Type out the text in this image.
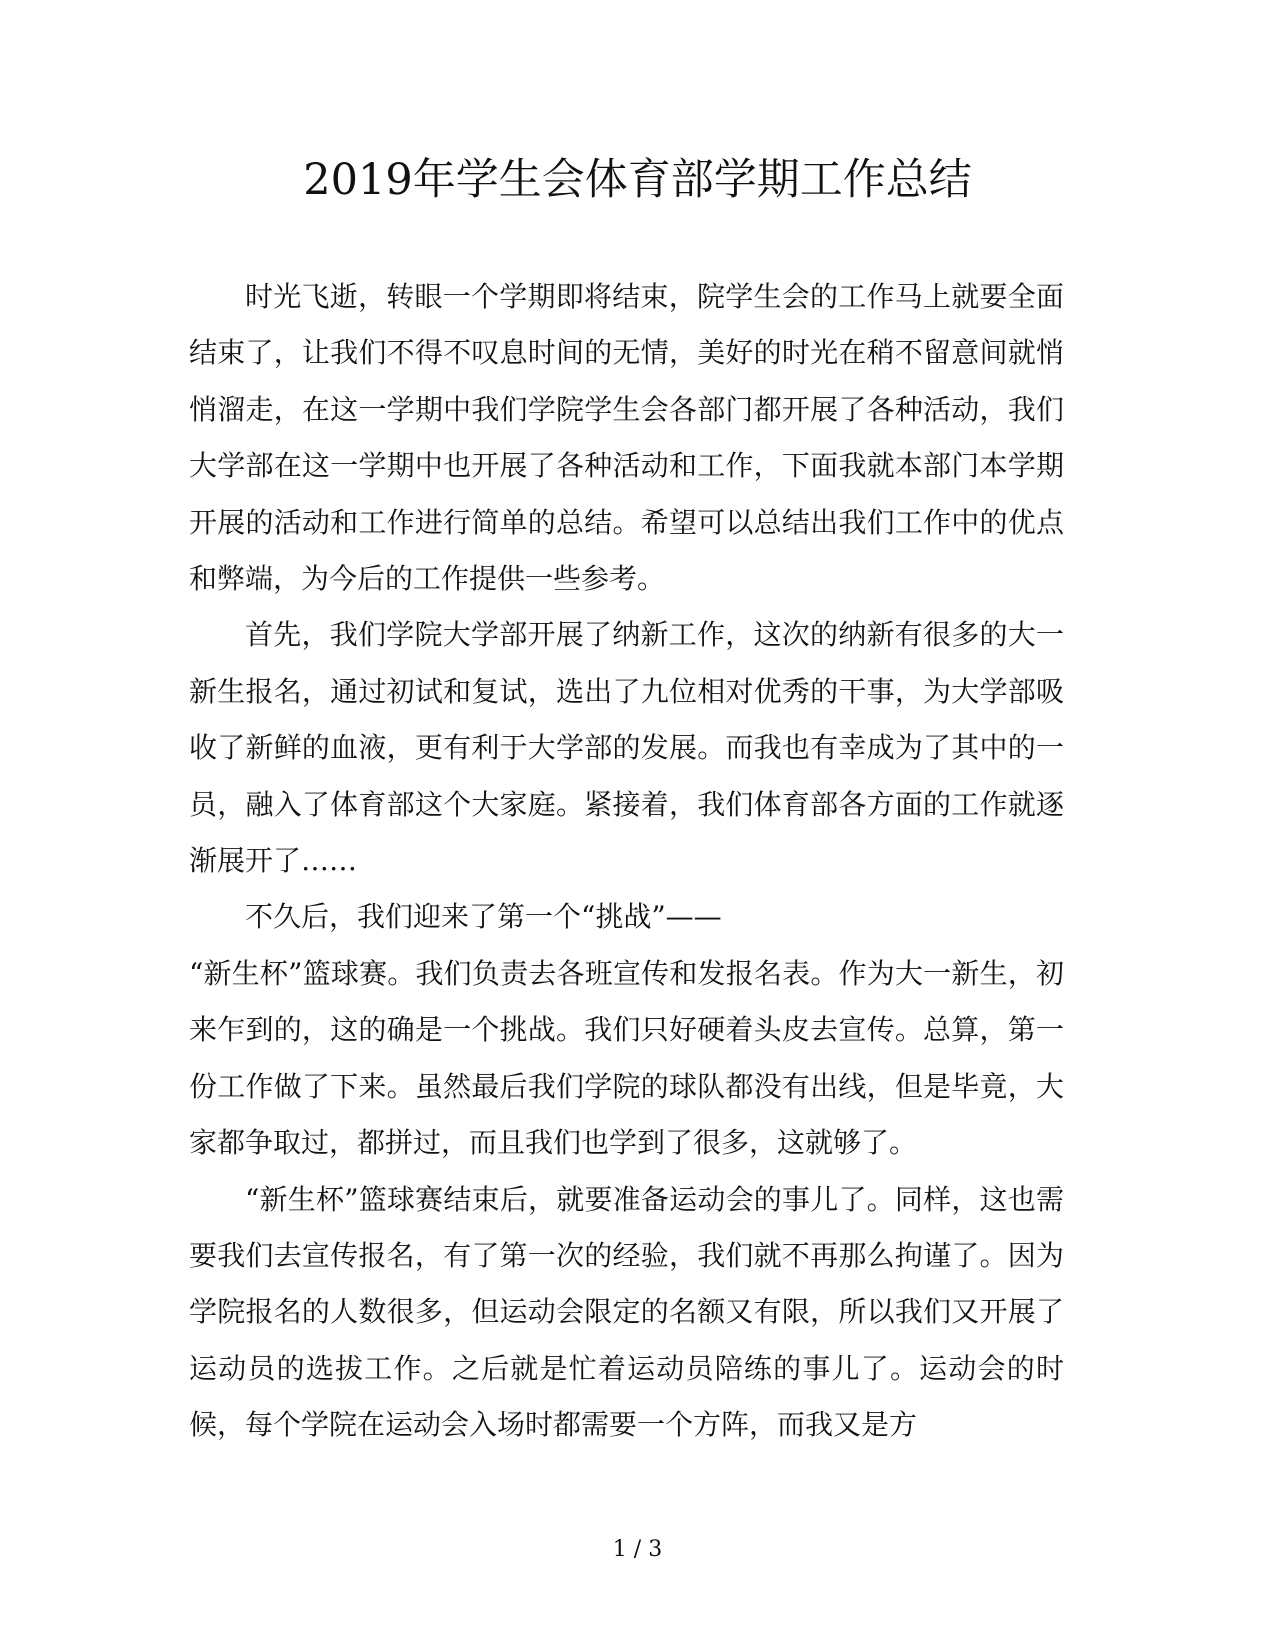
2019年学生会体育部学期工作总结

时光飞逝，转眼一个学期即将结束，院学生会的工作马上就要全面结束了，让我们不得不叹息时间的无情，美好的时光在稍不留意间就悄悄溜走，在这一学期中我们学院学生会各部门都开展了各种活动，我们大学部在这一学期中也开展了各种活动和工作，下面我就本部门本学期开展的活动和工作进行简单的总结。希望可以总结出我们工作中的优点和弊端，为今后的工作提供一些参考。

首先，我们学院大学部开展了纳新工作，这次的纳新有很多的大一新生报名，通过初试和复试，选出了九位相对优秀的干事，为大学部吸收了新鲜的血液，更有利于大学部的发展。而我也有幸成为了其中的一员，融入了体育部这个大家庭。紧接着，我们体育部各方面的工作就逐渐展开了……

不久后，我们迎来了第一个“挑战”——

“新生杯”篮球赛。我们负责去各班宣传和发报名表。作为大一新生，初来乍到的，这的确是一个挑战。我们只好硬着头皮去宣传。总算，第一份工作做了下来。虽然最后我们学院的球队都没有出线，但是毕竟，大家都争取过，都拼过，而且我们也学到了很多，这就够了。

“新生杯”篮球赛结束后，就要准备运动会的事儿了。同样，这也需要我们去宣传报名，有了第一次的经验，我们就不再那么拘谨了。因为学院报名的人数很多，但运动会限定的名额又有限，所以我们又开展了运动员的选拔工作。之后就是忙着运动员陪练的事儿了。运动会的时候，每个学院在运动会入场时都需要一个方阵，而我又是方

1 / 3
